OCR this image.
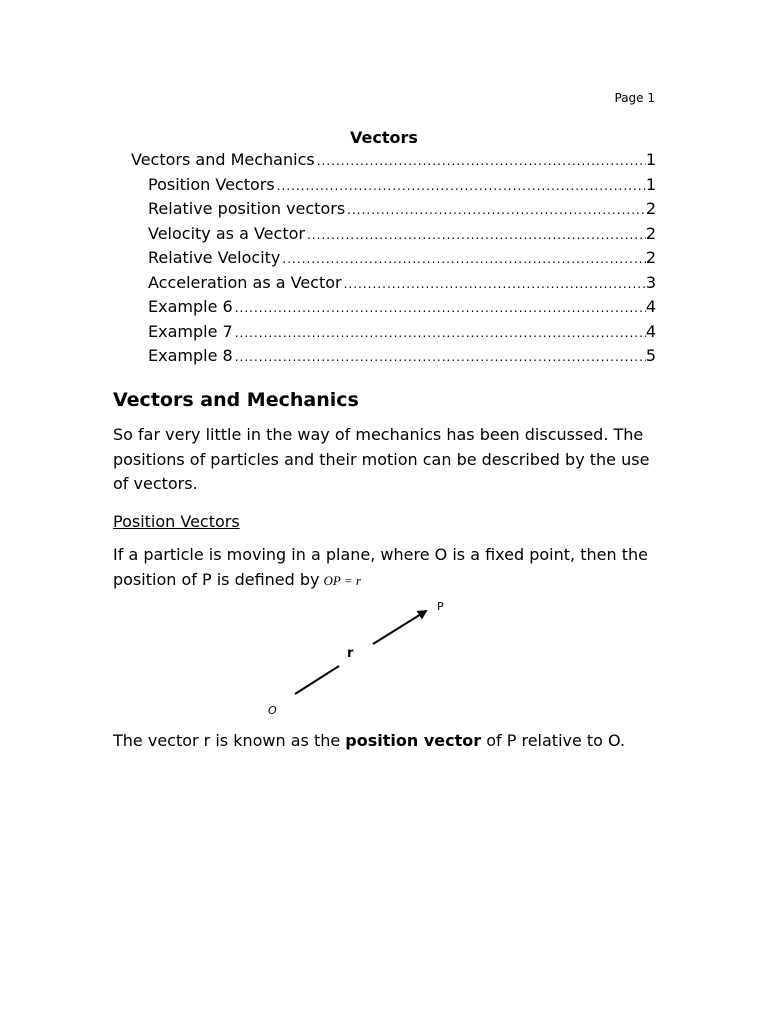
Page 1
Vectors
Vectors and Mechanics .....	1
Position Vectors .....	1
Relative position vectors .....	2
Velocity as a Vector .....	2
Relative Velocity .....	2
Acceleration as a Vector .....	3
Example 6 .....	4
Example 7 .....	4
Example 8 .....	5
Vectors and Mechanics

So far very little in the way of mechanics has been discussed. The positions of particles and their motion can be described by the use of vectors.

Position Vectors

If a particle is moving in a plane, where O is a fixed point, then the position of P is defined by OP = r

P
r
O

The vector r is known as the position vector of P relative to O.
